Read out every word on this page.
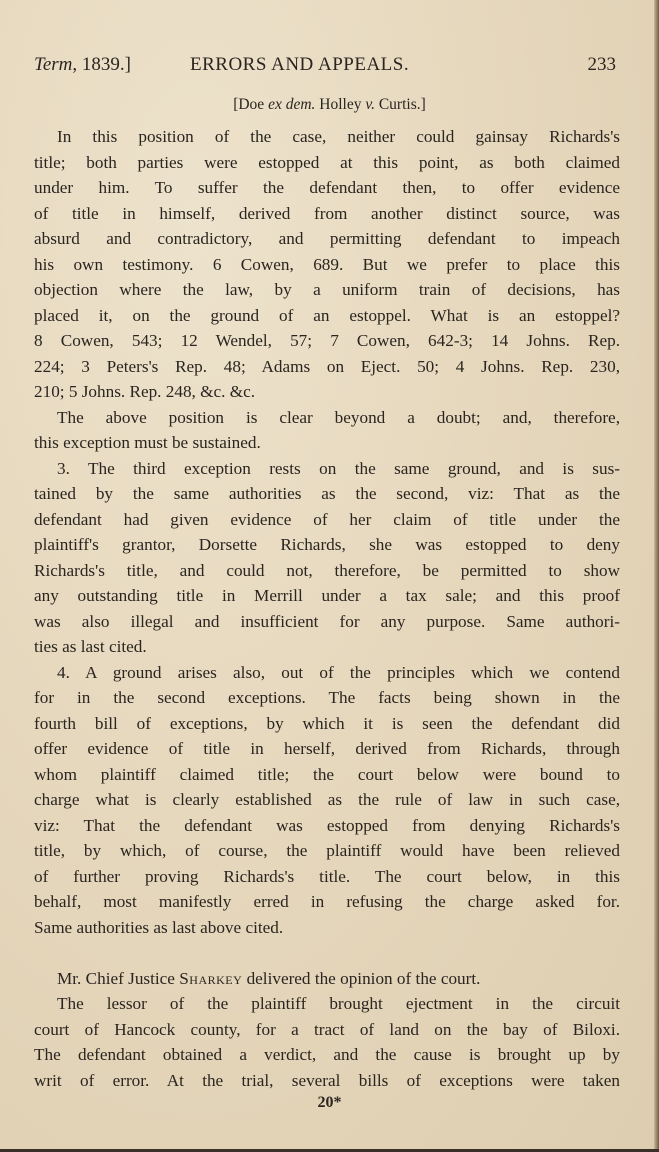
Term, 1839.]	ERRORS AND APPEALS.	233
[Doe ex dem. Holley v. Curtis.]
In this position of the case, neither could gainsay Richards's
title; both parties were estopped at this point, as both claimed
under him. To suffer the defendant then, to offer evidence
of title in himself, derived from another distinct source, was
absurd and contradictory, and permitting defendant to impeach
his own testimony. 6 Cowen, 689. But we prefer to place this
objection where the law, by a uniform train of decisions, has
placed it, on the ground of an estoppel. What is an estoppel?
8 Cowen, 543; 12 Wendel, 57; 7 Cowen, 642-3; 14 Johns. Rep.
224; 3 Peters's Rep. 48; Adams on Eject. 50; 4 Johns. Rep. 230,
210; 5 Johns. Rep. 248, &c. &c.
The above position is clear beyond a doubt; and, therefore,
this exception must be sustained.
3. The third exception rests on the same ground, and is sus-
tained by the same authorities as the second, viz: That as the
defendant had given evidence of her claim of title under the
plaintiff's grantor, Dorsette Richards, she was estopped to deny
Richards's title, and could not, therefore, be permitted to show
any outstanding title in Merrill under a tax sale; and this proof
was also illegal and insufficient for any purpose. Same authori-
ties as last cited.
4. A ground arises also, out of the principles which we contend
for in the second exceptions. The facts being shown in the
fourth bill of exceptions, by which it is seen the defendant did
offer evidence of title in herself, derived from Richards, through
whom plaintiff claimed title; the court below were bound to
charge what is clearly established as the rule of law in such case,
viz: That the defendant was estopped from denying Richards's
title, by which, of course, the plaintiff would have been relieved
of further proving Richards's title. The court below, in this
behalf, most manifestly erred in refusing the charge asked for.
Same authorities as last above cited.
Mr. Chief Justice Sharkey delivered the opinion of the court.
The lessor of the plaintiff brought ejectment in the circuit
court of Hancock county, for a tract of land on the bay of Biloxi.
The defendant obtained a verdict, and the cause is brought up by
writ of error. At the trial, several bills of exceptions were taken
20*
